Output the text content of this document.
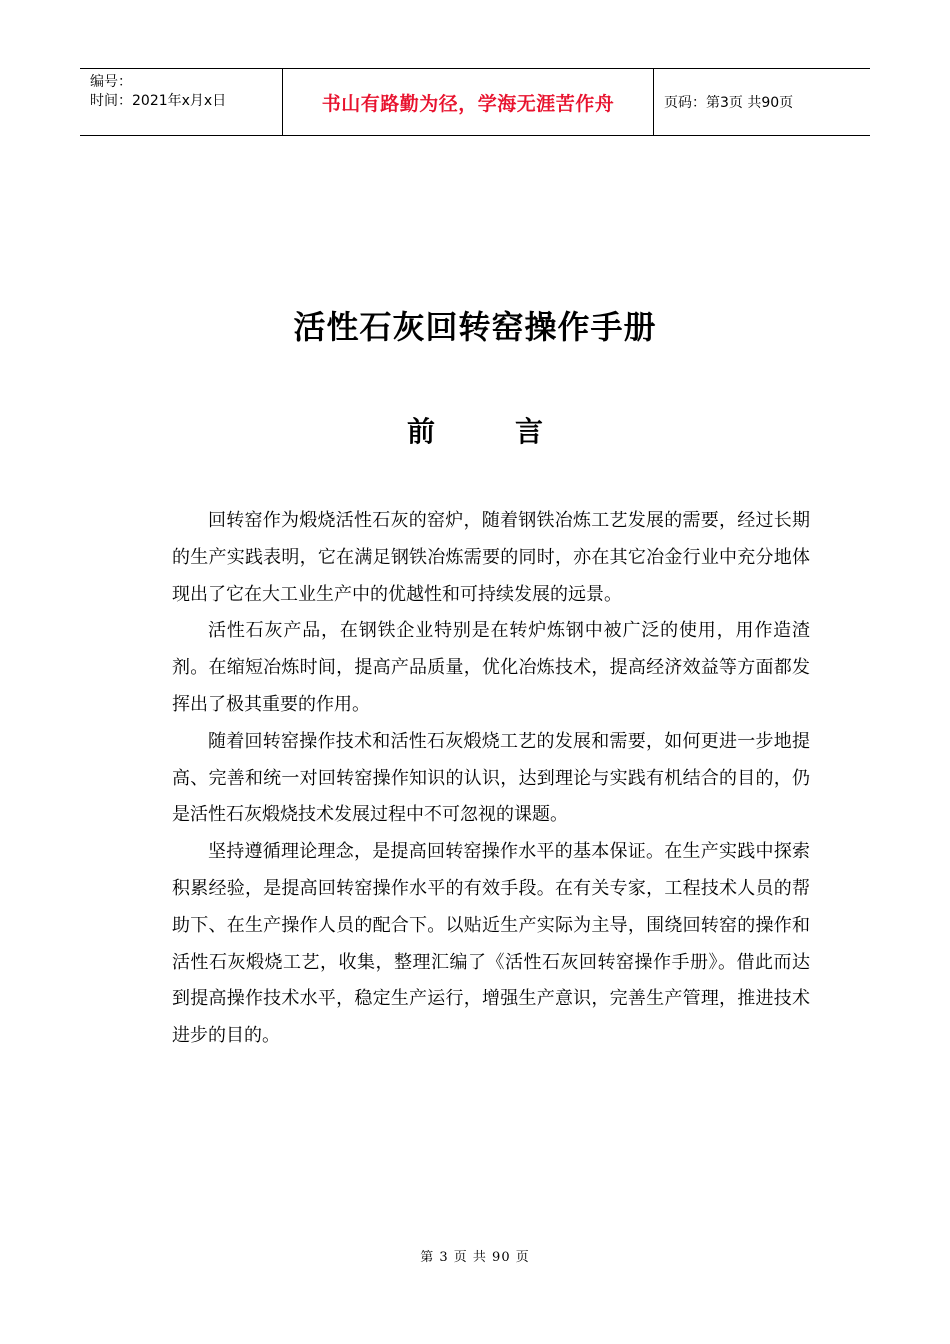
编号：
时间：2021年x月x日	书山有路勤为径，学海无涯苦作舟	页码：第3页 共90页
活性石灰回转窑操作手册
前言

回转窑作为煅烧活性石灰的窑炉，随着钢铁冶炼工艺发展的需要，经过长期的生产实践表明，它在满足钢铁冶炼需要的同时，亦在其它冶金行业中充分地体现出了它在大工业生产中的优越性和可持续发展的远景。

活性石灰产品，在钢铁企业特别是在转炉炼钢中被广泛的使用，用作造渣剂。在缩短冶炼时间，提高产品质量，优化冶炼技术，提高经济效益等方面都发挥出了极其重要的作用。

随着回转窑操作技术和活性石灰煅烧工艺的发展和需要，如何更进一步地提高、完善和统一对回转窑操作知识的认识，达到理论与实践有机结合的目的，仍是活性石灰煅烧技术发展过程中不可忽视的课题。

坚持遵循理论理念，是提高回转窑操作水平的基本保证。在生产实践中探索积累经验，是提高回转窑操作水平的有效手段。在有关专家，工程技术人员的帮助下、在生产操作人员的配合下。以贴近生产实际为主导，围绕回转窑的操作和活性石灰煅烧工艺，收集，整理汇编了《活性石灰回转窑操作手册》。借此而达到提高操作技术水平，稳定生产运行，增强生产意识，完善生产管理，推进技术进步的目的。

第 3 页 共 90 页
